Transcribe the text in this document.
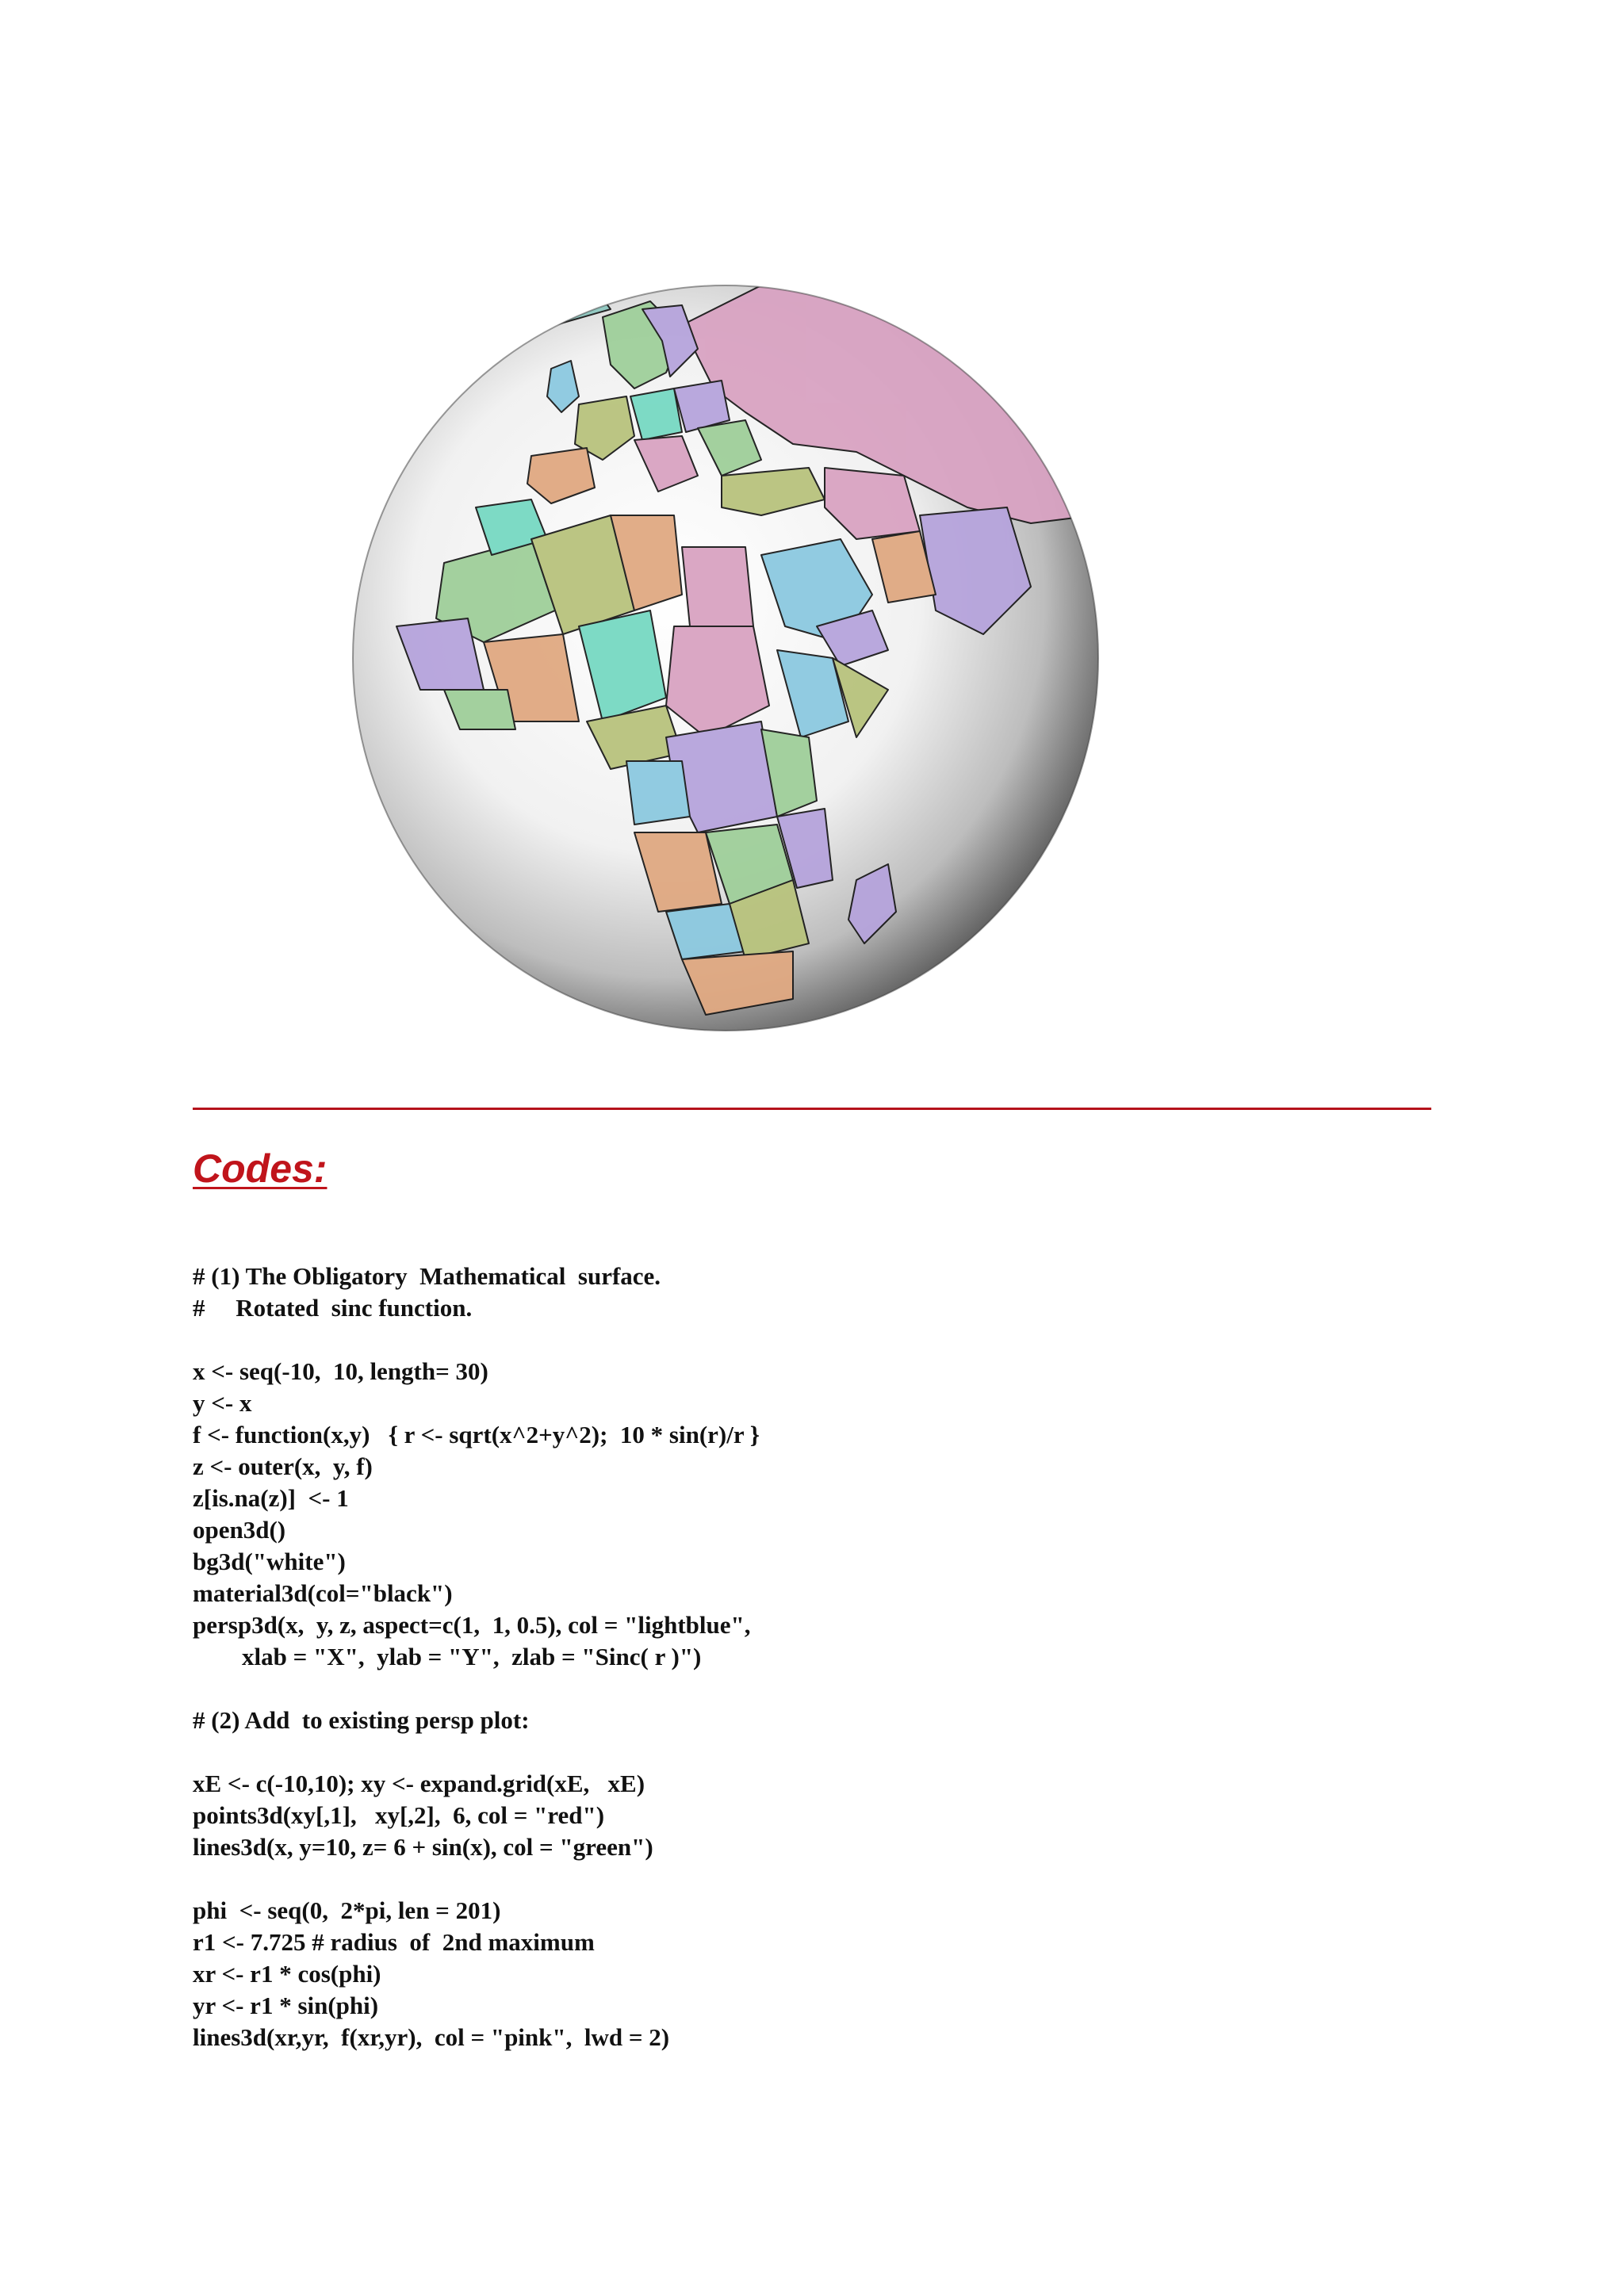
Codes:
# (1) The Obligatory  Mathematical  surface.
#     Rotated  sinc function.
x <- seq(-10,  10, length= 30)
y <- x
f <- function(x,y)   { r <- sqrt(x^2+y^2);  10 * sin(r)/r }
z <- outer(x,  y, f)
z[is.na(z)]  <- 1
open3d()
bg3d("white")
material3d(col="black")
persp3d(x,  y, z, aspect=c(1,  1, 0.5), col = "lightblue",
xlab = "X",  ylab = "Y",  zlab = "Sinc( r )")
# (2) Add  to existing persp plot:
xE <- c(-10,10); xy <- expand.grid(xE,   xE)
points3d(xy[,1],   xy[,2],  6, col = "red")
lines3d(x, y=10, z= 6 + sin(x), col = "green")
phi  <- seq(0,  2*pi, len = 201)
r1 <- 7.725 # radius  of  2nd maximum
xr <- r1 * cos(phi)
yr <- r1 * sin(phi)
lines3d(xr,yr,  f(xr,yr),  col = "pink",  lwd = 2)
